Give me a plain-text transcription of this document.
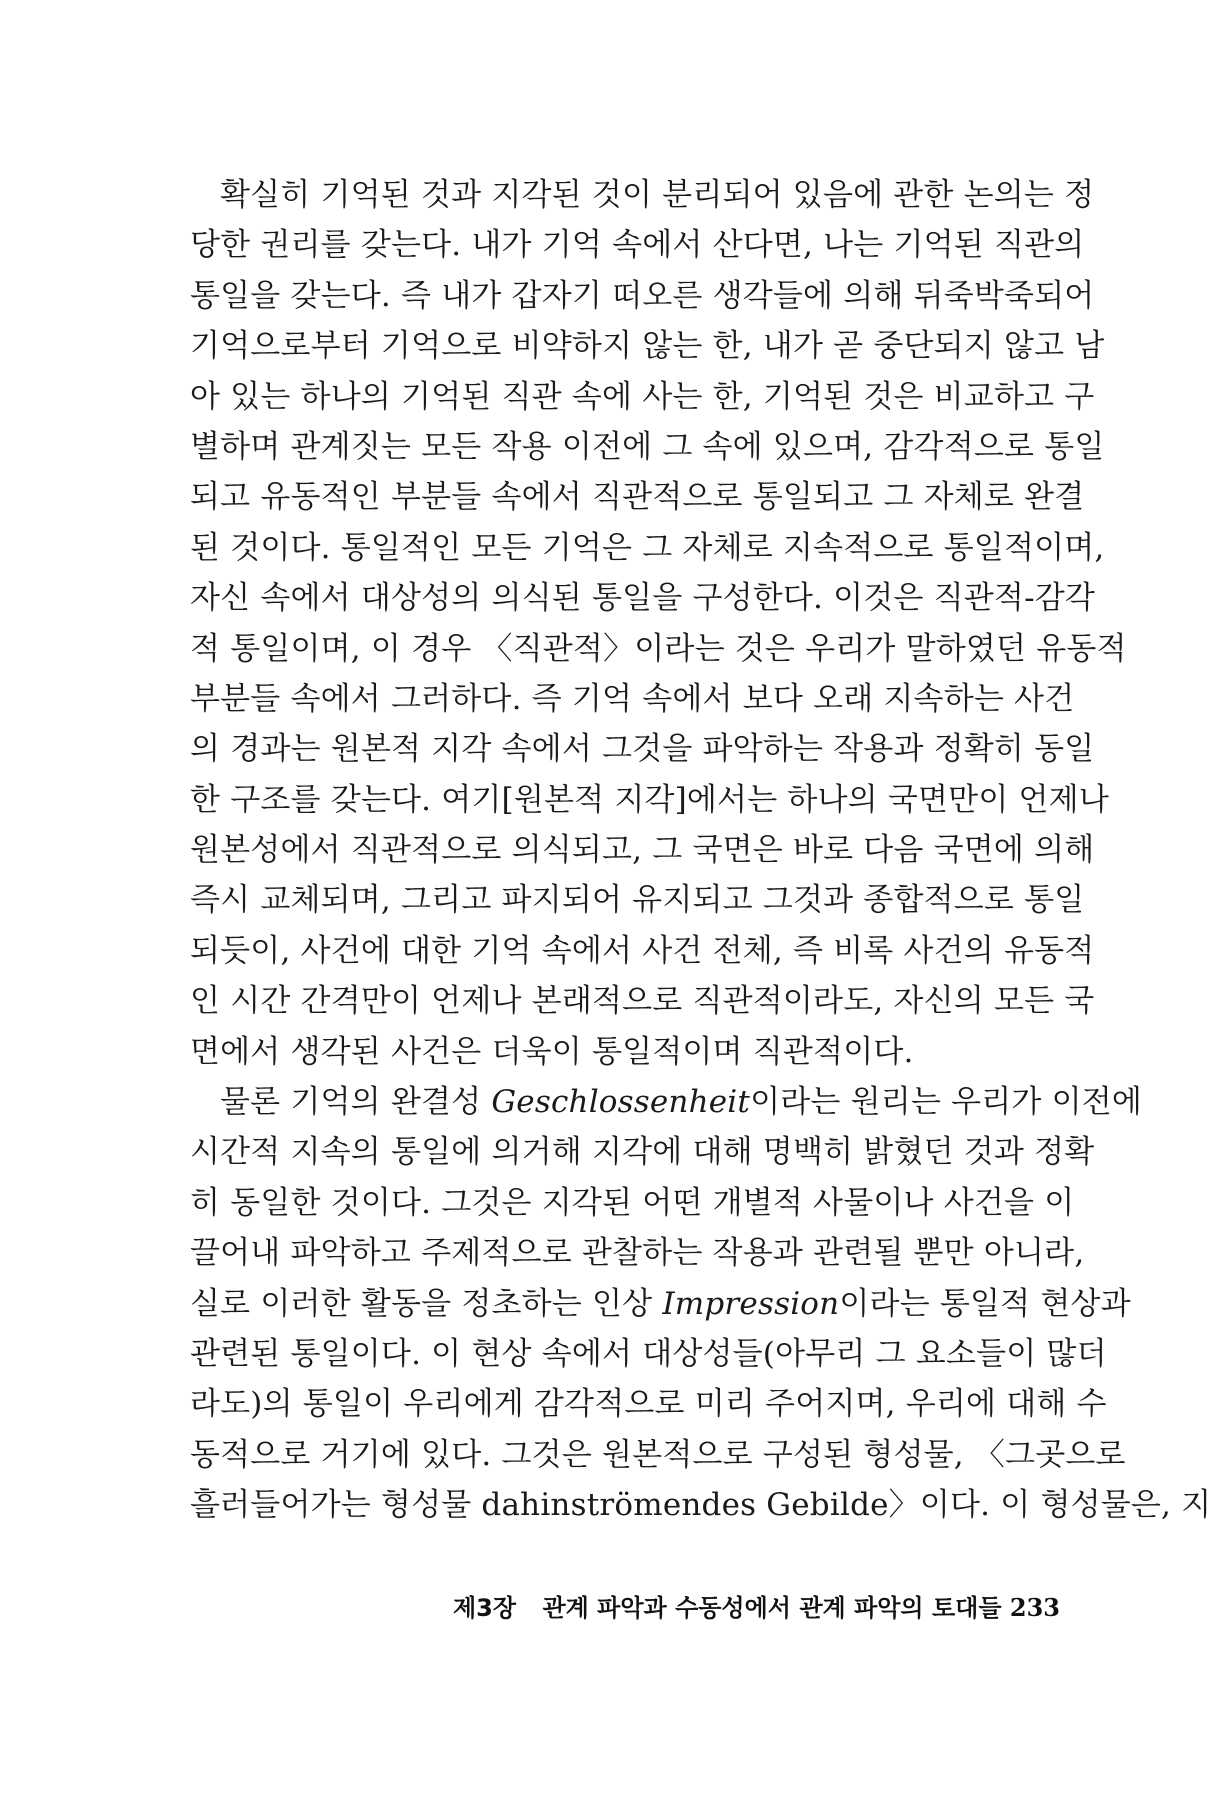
확실히 기억된 것과 지각된 것이 분리되어 있음에 관한 논의는 정
당한 권리를 갖는다. 내가 기억 속에서 산다면, 나는 기억된 직관의
통일을 갖는다. 즉 내가 갑자기 떠오른 생각들에 의해 뒤죽박죽되어
기억으로부터 기억으로 비약하지 않는 한, 내가 곧 중단되지 않고 남
아 있는 하나의 기억된 직관 속에 사는 한, 기억된 것은 비교하고 구
별하며 관계짓는 모든 작용 이전에 그 속에 있으며, 감각적으로 통일
되고 유동적인 부분들 속에서 직관적으로 통일되고 그 자체로 완결
된 것이다. 통일적인 모든 기억은 그 자체로 지속적으로 통일적이며,
자신 속에서 대상성의 의식된 통일을 구성한다. 이것은 직관적-감각
적 통일이며, 이 경우 〈직관적〉이라는 것은 우리가 말하였던 유동적
부분들 속에서 그러하다. 즉 기억 속에서 보다 오래 지속하는 사건
의 경과는 원본적 지각 속에서 그것을 파악하는 작용과 정확히 동일
한 구조를 갖는다. 여기[원본적 지각]에서는 하나의 국면만이 언제나
원본성에서 직관적으로 의식되고, 그 국면은 바로 다음 국면에 의해
즉시 교체되며, 그리고 파지되어 유지되고 그것과 종합적으로 통일
되듯이, 사건에 대한 기억 속에서 사건 전체, 즉 비록 사건의 유동적
인 시간 간격만이 언제나 본래적으로 직관적이라도, 자신의 모든 국
면에서 생각된 사건은 더욱이 통일적이며 직관적이다.
물론 기억의 완결성 Geschlossenheit이라는 원리는 우리가 이전에
시간적 지속의 통일에 의거해 지각에 대해 명백히 밝혔던 것과 정확
히 동일한 것이다. 그것은 지각된 어떤 개별적 사물이나 사건을 이
끌어내 파악하고 주제적으로 관찰하는 작용과 관련될 뿐만 아니라,
실로 이러한 활동을 정초하는 인상 Impression이라는 통일적 현상과
관련된 통일이다. 이 현상 속에서 대상성들(아무리 그 요소들이 많더
라도)의 통일이 우리에게 감각적으로 미리 주어지며, 우리에 대해 수
동적으로 거기에 있다. 그것은 원본적으로 구성된 형성물, 〈그곳으로
흘러들어가는 형성물 dahinströmendes Gebilde〉이다. 이 형성물은, 지
제3장 관계 파악과 수동성에서 관계 파악의 토대들 233
